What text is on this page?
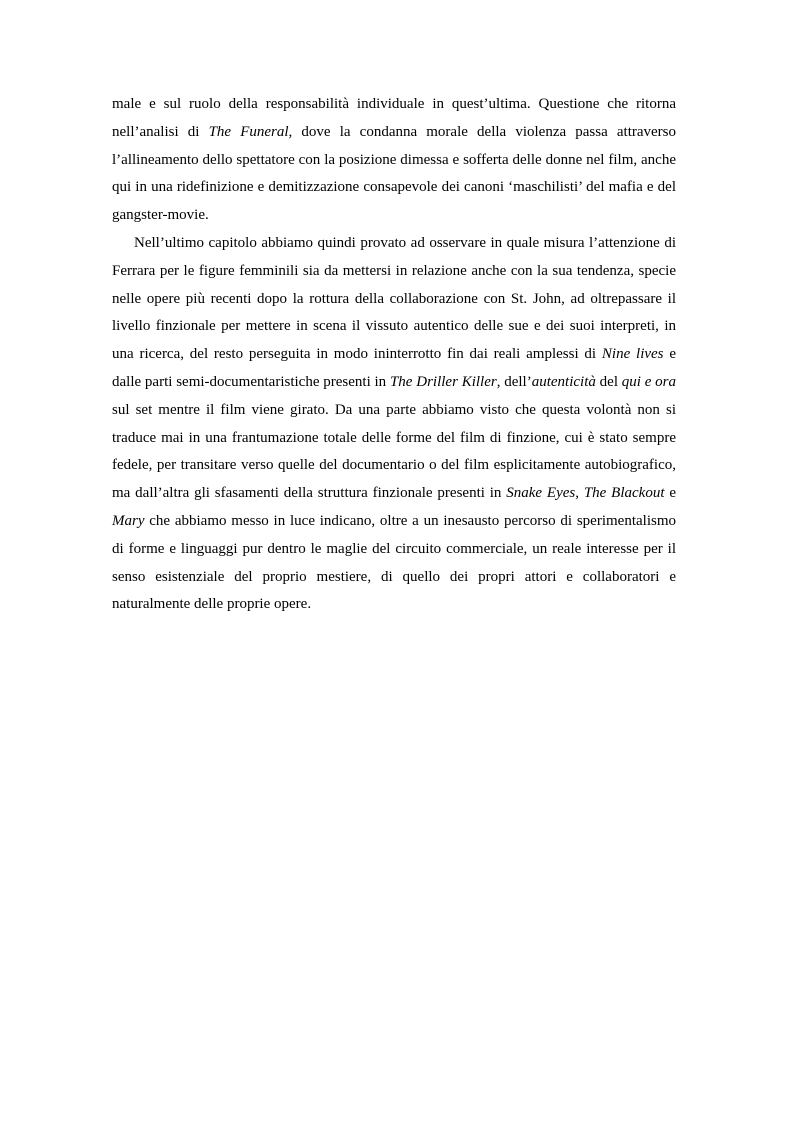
male e sul ruolo della responsabilità individuale in quest’ultima. Questione che ritorna nell’analisi di The Funeral, dove la condanna morale della violenza passa attraverso l’allineamento dello spettatore con la posizione dimessa e sofferta delle donne nel film, anche qui in una ridefinizione e demitizzazione consapevole dei canoni ‘maschilisti’ del mafia e del gangster-movie.

Nell’ultimo capitolo abbiamo quindi provato ad osservare in quale misura l’attenzione di Ferrara per le figure femminili sia da mettersi in relazione anche con la sua tendenza, specie nelle opere più recenti dopo la rottura della collaborazione con St. John, ad oltrepassare il livello finzionale per mettere in scena il vissuto autentico delle sue e dei suoi interpreti, in una ricerca, del resto perseguita in modo ininterrotto fin dai reali amplessi di Nine lives e dalle parti semi-documentaristiche presenti in The Driller Killer, dell’autenticità del qui e ora sul set mentre il film viene girato. Da una parte abbiamo visto che questa volontà non si traduce mai in una frantumazione totale delle forme del film di finzione, cui è stato sempre fedele, per transitare verso quelle del documentario o del film esplicitamente autobiografico, ma dall’altra gli sfasamenti della struttura finzionale presenti in Snake Eyes, The Blackout e Mary che abbiamo messo in luce indicano, oltre a un inesausto percorso di sperimentalismo di forme e linguaggi pur dentro le maglie del circuito commerciale, un reale interesse per il senso esistenziale del proprio mestiere, di quello dei propri attori e collaboratori e naturalmente delle proprie opere.
